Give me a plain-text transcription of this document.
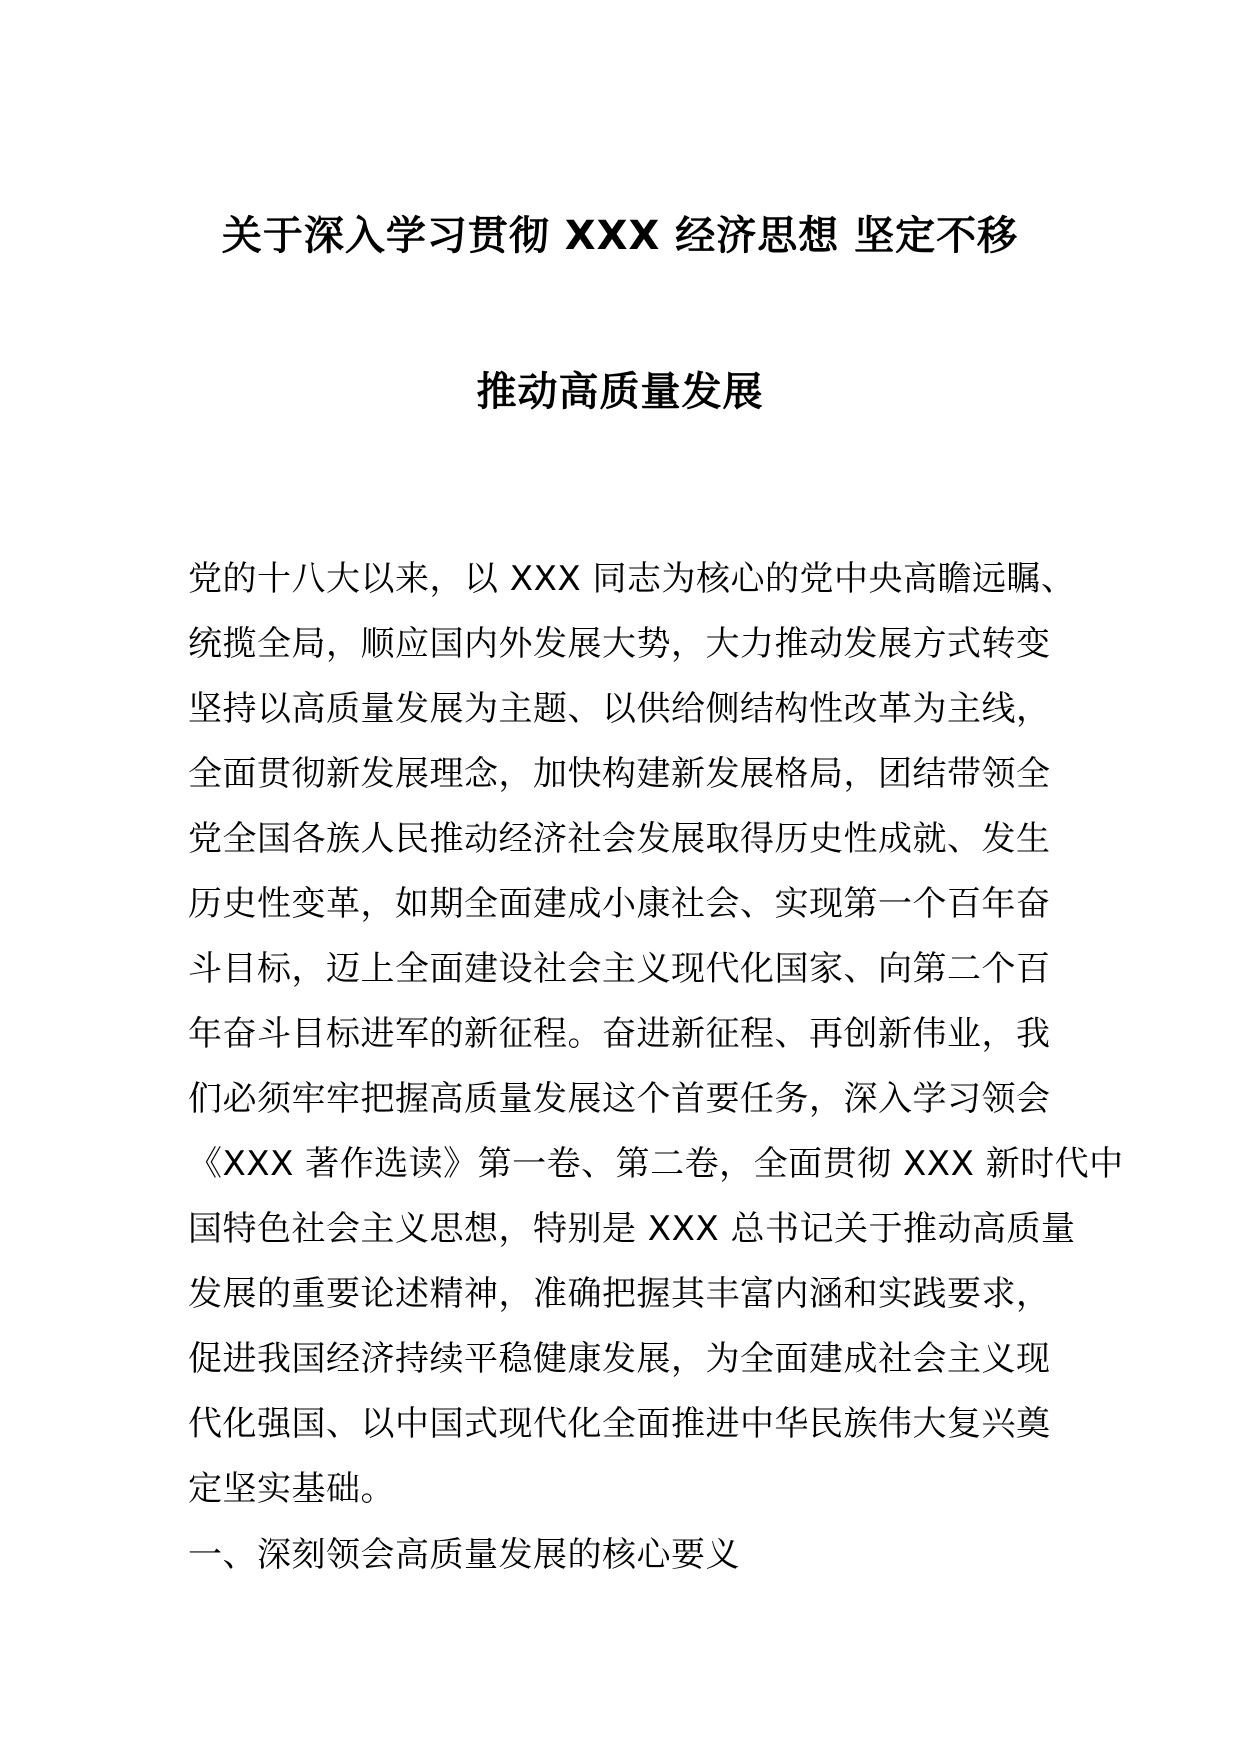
关于深入学习贯彻 XXX 经济思想 坚定不移
推动高质量发展
党的十八大以来，以 XXX 同志为核心的党中央高瞻远瞩、
统揽全局，顺应国内外发展大势，大力推动发展方式转变
坚持以高质量发展为主题、以供给侧结构性改革为主线，
全面贯彻新发展理念，加快构建新发展格局，团结带领全
党全国各族人民推动经济社会发展取得历史性成就、发生
历史性变革，如期全面建成小康社会、实现第一个百年奋
斗目标，迈上全面建设社会主义现代化国家、向第二个百
年奋斗目标进军的新征程。奋进新征程、再创新伟业，我
们必须牢牢把握高质量发展这个首要任务，深入学习领会
《XXX 著作选读》第一卷、第二卷，全面贯彻 XXX 新时代中
国特色社会主义思想，特别是 XXX 总书记关于推动高质量
发展的重要论述精神，准确把握其丰富内涵和实践要求，
促进我国经济持续平稳健康发展，为全面建成社会主义现
代化强国、以中国式现代化全面推进中华民族伟大复兴奠
定坚实基础。
一、深刻领会高质量发展的核心要义
